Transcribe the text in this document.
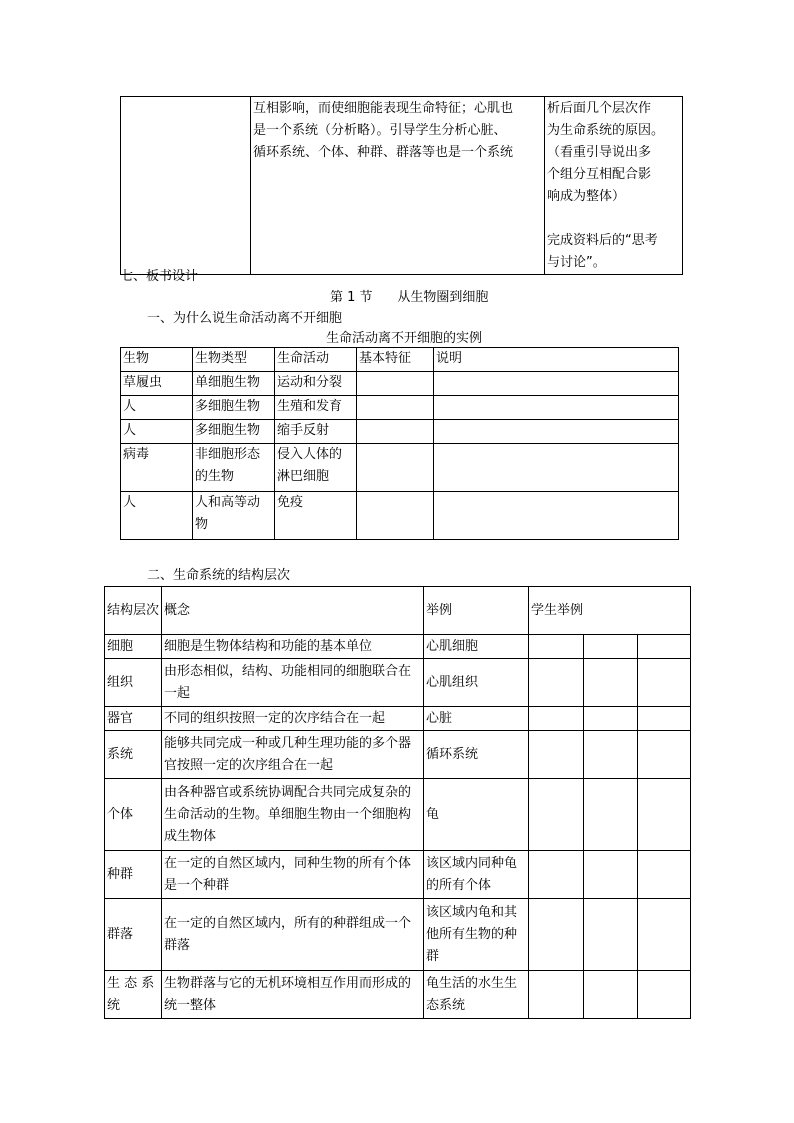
互相影响，而使细胞能表现生命特征；心肌也
是一个系统（分析略）。引导学生分析心脏、
循环系统、个体、种群、群落等也是一个系统

析后面几个层次作
为生命系统的原因。
（看重引导说出多
个组分互相配合影
响成为整体）
完成资料后的“思考
与讨论”。
七、板书设计
第 1 节      从生物圈到细胞
一、为什么说生命活动离不开细胞
生命活动离不开细胞的实例
生物	生物类型	生命活动	基本特征	说明
草履虫	单细胞生物	运动和分裂		
人	多细胞生物	生殖和发育		
人	多细胞生物	缩手反射		
病毒	非细胞形态的生物	侵入人体的淋巴细胞		
人	人和高等动物	免疫		
二、生命系统的结构层次
结构层次	概念	举例	学生举例		
细胞	细胞是生物体结构和功能的基本单位	心肌细胞			
组织	由形态相似，结构、功能相同的细胞联合在一起	心肌组织			
器官	不同的组织按照一定的次序结合在一起	心脏			
系统	能够共同完成一种或几种生理功能的多个器官按照一定的次序组合在一起	循环系统			
个体	由各种器官或系统协调配合共同完成复杂的生命活动的生物。单细胞生物由一个细胞构成生物体	龟			
种群	在一定的自然区域内，同种生物的所有个体是一个种群	该区域内同种龟的所有个体			
群落	在一定的自然区域内，所有的种群组成一个群落	该区域内龟和其他所有生物的种群			
生 态 系统	生物群落与它的无机环境相互作用而形成的统一整体	龟生活的水生生态系统			
